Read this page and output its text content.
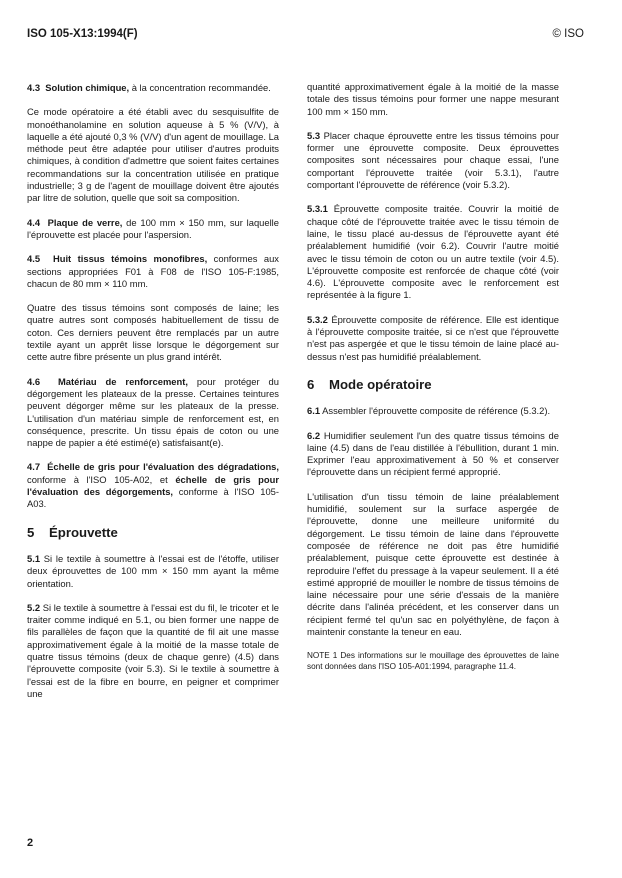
ISO 105-X13:1994(F)	© ISO

4.3 Solution chimique, à la concentration recommandée.

Ce mode opératoire a été établi avec du sesquisulfite de monoéthanolamine en solution aqueuse à 5 % (V/V), à laquelle a été ajouté 0,3 % (V/V) d'un agent de mouillage. La méthode peut être adaptée pour utiliser d'autres produits chimiques, à condition d'admettre que soient faites certaines recommandations sur la concentration utilisée en pratique industrielle; 3 g de l'agent de mouillage doivent être ajoutés par litre de solution, quelle que soit sa composition.

4.4 Plaque de verre, de 100 mm × 150 mm, sur laquelle l'éprouvette est placée pour l'aspersion.

4.5 Huit tissus témoins monofibres, conformes aux sections appropriées F01 à F08 de l'ISO 105-F:1985, chacun de 80 mm × 110 mm.

Quatre des tissus témoins sont composés de laine; les quatre autres sont composés habituellement de tissu de coton. Ces derniers peuvent être remplacés par un autre textile ayant un apprêt lisse lorsque le dégorgement sur cette autre fibre présente un plus grand intérêt.

4.6 Matériau de renforcement, pour protéger du dégorgement les plateaux de la presse. Certaines teintures peuvent dégorger même sur les plateaux de la presse. L'utilisation d'un matériau simple de renforcement est, en conséquence, prescrite. Un tissu épais de coton ou une nappe de papier a été estimé(e) satisfaisant(e).

4.7 Échelle de gris pour l'évaluation des dégradations, conforme à l'ISO 105-A02, et échelle de gris pour l'évaluation des dégorgements, conforme à l'ISO 105-A03.

5 Éprouvette

5.1 Si le textile à soumettre à l'essai est de l'étoffe, utiliser deux éprouvettes de 100 mm × 150 mm ayant la même orientation.

5.2 Si le textile à soumettre à l'essai est du fil, le tricoter et le traiter comme indiqué en 5.1, ou bien former une nappe de fils parallèles de façon que la quantité de fil ait une masse approximativement égale à la moitié de la masse totale de quatre tissus témoins (deux de chaque genre) (4.5) dans l'éprouvette composite (voir 5.3). Si le textile à soumettre à l'essai est de la fibre en bourre, en peigner et comprimer une

quantité approximativement égale à la moitié de la masse totale des tissus témoins pour former une nappe mesurant 100 mm × 150 mm.

5.3 Placer chaque éprouvette entre les tissus témoins pour former une éprouvette composite. Deux éprouvettes composites sont nécessaires pour chaque essai, l'une comportant l'éprouvette traitée (voir 5.3.1), l'autre comportant l'éprouvette de référence (voir 5.3.2).

5.3.1 Éprouvette composite traitée. Couvrir la moitié de chaque côté de l'éprouvette traitée avec le tissu témoin de laine, le tissu placé au-dessus de l'éprouvette ayant été préalablement humidifié (voir 6.2). Couvrir l'autre moitié avec le tissu témoin de coton ou un autre textile (voir 4.5). L'éprouvette composite est renforcée de chaque côté (voir 4.6). L'éprouvette composite avec le renforcement est représentée à la figure 1.

5.3.2 Éprouvette composite de référence. Elle est identique à l'éprouvette composite traitée, si ce n'est que l'éprouvette n'est pas aspergée et que le tissu témoin de laine placé au-dessus n'est pas humidifié préalablement.

6 Mode opératoire

6.1 Assembler l'éprouvette composite de référence (5.3.2).

6.2 Humidifier seulement l'un des quatre tissus témoins de laine (4.5) dans de l'eau distillée à l'ébullition, durant 1 min. Exprimer l'eau approximativement à 50 % et conserver l'éprouvette dans un récipient fermé approprié.

L'utilisation d'un tissu témoin de laine préalablement humidifié, soulement sur la surface aspergée de l'éprouvette, donne une meilleure uniformité du dégorgement. Le tissu témoin de laine dans l'éprouvette composée de référence ne doit pas être humidifié préalablement, puisque cette éprouvette est destinée à reproduire l'effet du pressage à la vapeur seulement. Il a été estimé approprié de mouiller le nombre de tissus témoins de laine nécessaire pour une série d'essais de la manière décrite dans l'alinéa précédent, et les conserver dans un récipient fermé tel qu'un sac en polyéthylène, de façon à maintenir constante la teneur en eau.

NOTE 1 Des informations sur le mouillage des éprouvettes de laine sont données dans l'ISO 105-A01:1994, paragraphe 11.4.

2
